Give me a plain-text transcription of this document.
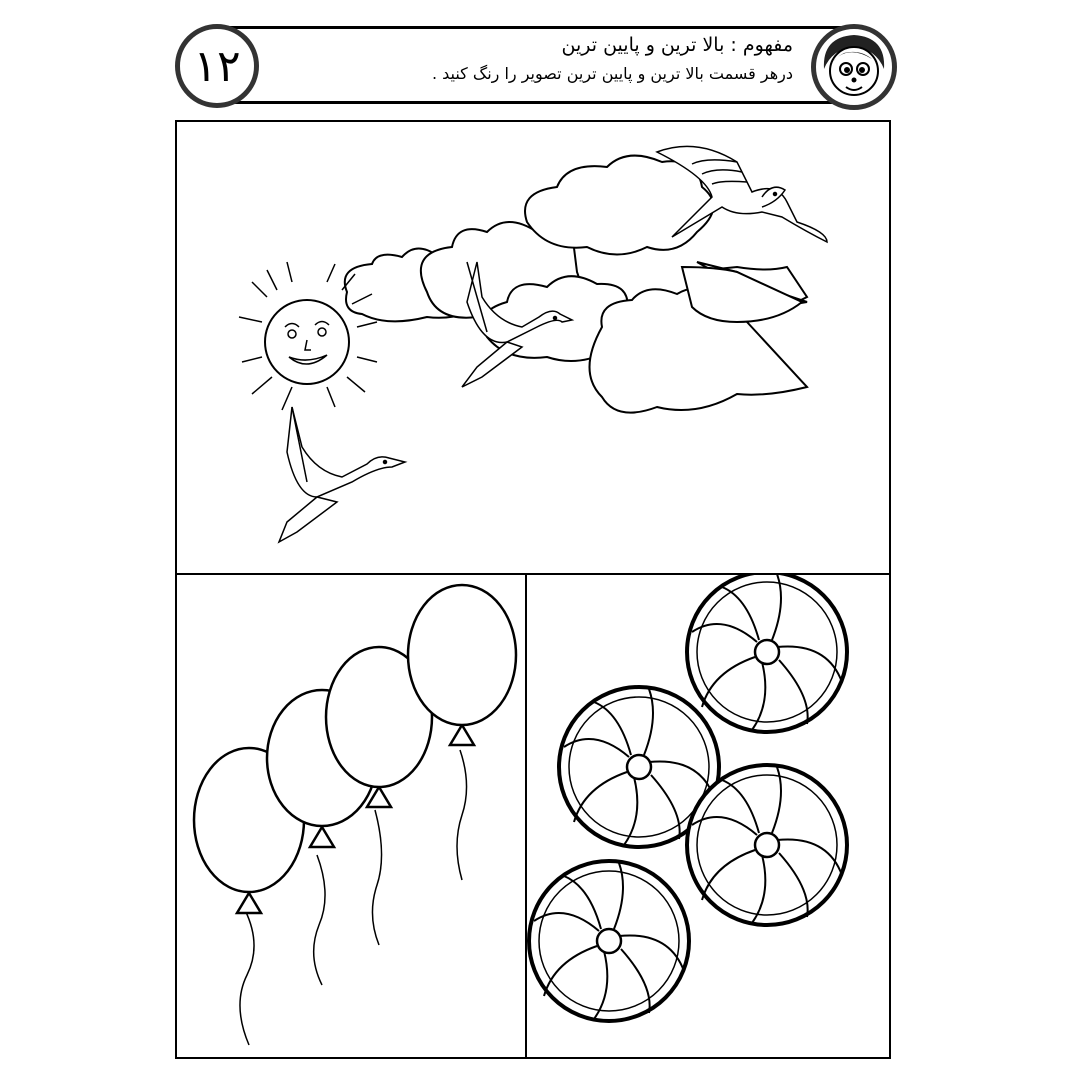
۱۲	مفهوم : بالا ترین و پایین ترین
درهر قسمت بالا ترین و پایین ترین تصویر را رنگ کنید .
